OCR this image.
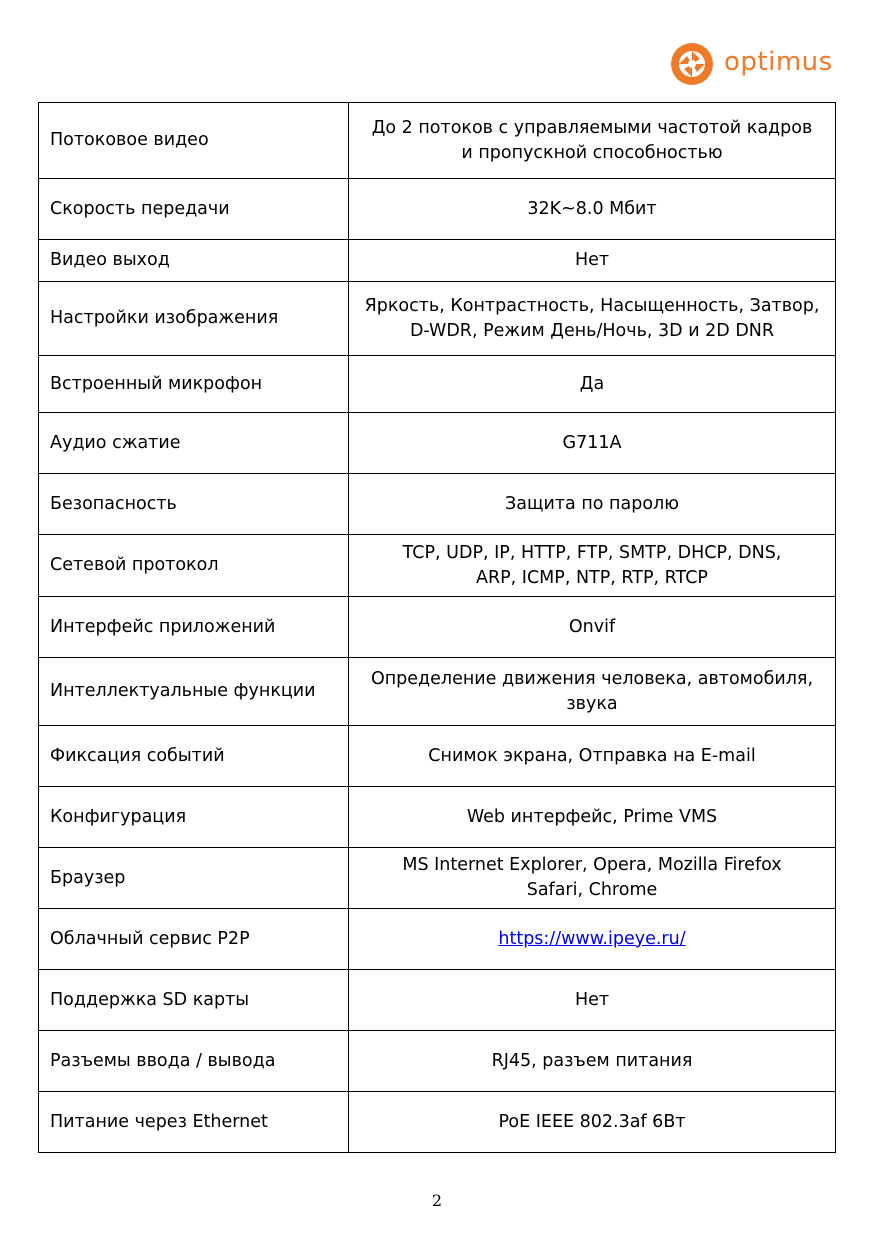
optimus
Потоковое видео	До 2 потоков с управляемыми частотой кадров
и пропускной способностью
Скорость передачи	32K~8.0 Мбит
Видео выход	Нет
Настройки изображения	Яркость, Контрастность, Насыщенность, Затвор,
D-WDR, Режим День/Ночь, 3D и 2D DNR
Встроенный микрофон	Да
Аудио сжатие	G711A
Безопасность	Защита по паролю
Сетевой протокол	TCP, UDP, IP, HTTP, FTP, SMTP, DHCP, DNS,
ARP, ICMP, NTP, RTP, RTCP
Интерфейс приложений	Onvif
Интеллектуальные функции	Определение движения человека, автомобиля,
звука
Фиксация событий	Снимок экрана, Отправка на E-mail
Конфигурация	Web интерфейс, Prime VMS
Браузер	MS Internet Explorer, Opera, Mozilla Firefox
Safari, Chrome
Облачный сервис P2P	https://www.ipeye.ru/
Поддержка SD карты	Нет
Разъемы ввода / вывода	RJ45, разъем питания
Питание через Ethernet	PoE IEEE 802.3af 6Вт
2
